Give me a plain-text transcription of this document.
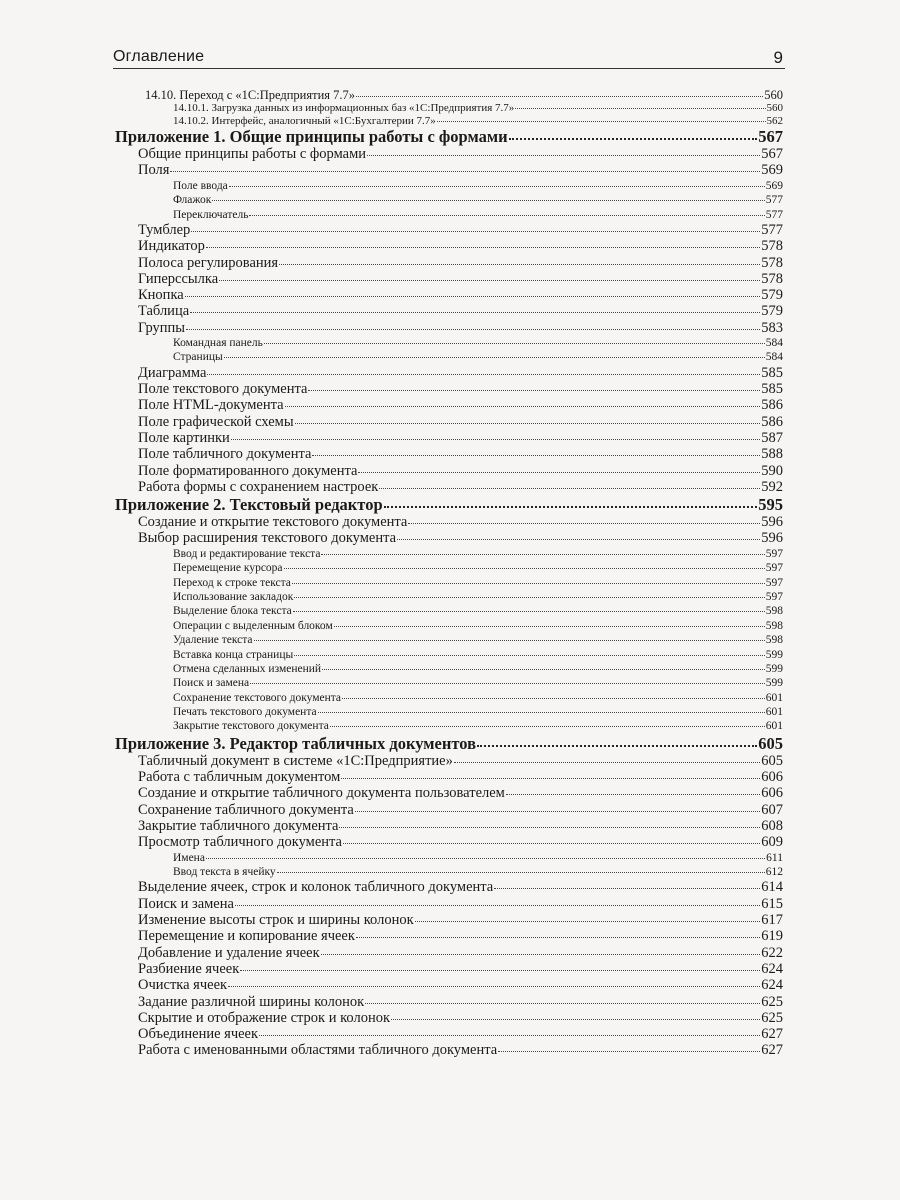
Оглавление	9
14.10. Переход с «1С:Предприятия 7.7»	560
14.10.1. Загрузка данных из информационных баз «1С:Предприятия 7.7»	560
14.10.2. Интерфейс, аналогичный «1С:Бухгалтерии 7.7»	562
Приложение 1. Общие принципы работы с формами	567
Общие принципы работы с формами	567
Поля	569
Поле ввода	569
Флажок	577
Переключатель	577
Тумблер	577
Индикатор	578
Полоса регулирования	578
Гиперссылка	578
Кнопка	579
Таблица	579
Группы	583
Командная панель	584
Страницы	584
Диаграмма	585
Поле текстового документа	585
Поле HTML-документа	586
Поле графической схемы	586
Поле картинки	587
Поле табличного документа	588
Поле форматированного документа	590
Работа формы с сохранением настроек	592
Приложение 2. Текстовый редактор	595
Создание и открытие текстового документа	596
Выбор расширения текстового документа	596
Ввод и редактирование текста	597
Перемещение курсора	597
Переход к строке текста	597
Использование закладок	597
Выделение блока текста	598
Операции с выделенным блоком	598
Удаление текста	598
Вставка конца страницы	599
Отмена сделанных изменений	599
Поиск и замена	599
Сохранение текстового документа	601
Печать текстового документа	601
Закрытие текстового документа	601
Приложение 3. Редактор табличных документов	605
Табличный документ в системе «1С:Предприятие»	605
Работа с табличным документом	606
Создание и открытие табличного документа пользователем	606
Сохранение табличного документа	607
Закрытие табличного документа	608
Просмотр табличного документа	609
Имена	611
Ввод текста в ячейку	612
Выделение ячеек, строк и колонок табличного документа	614
Поиск и замена	615
Изменение высоты строк и ширины колонок	617
Перемещение и копирование ячеек	619
Добавление и удаление ячеек	622
Разбиение ячеек	624
Очистка ячеек	624
Задание различной ширины колонок	625
Скрытие и отображение строк и колонок	625
Объединение ячеек	627
Работа с именованными областями табличного документа	627
